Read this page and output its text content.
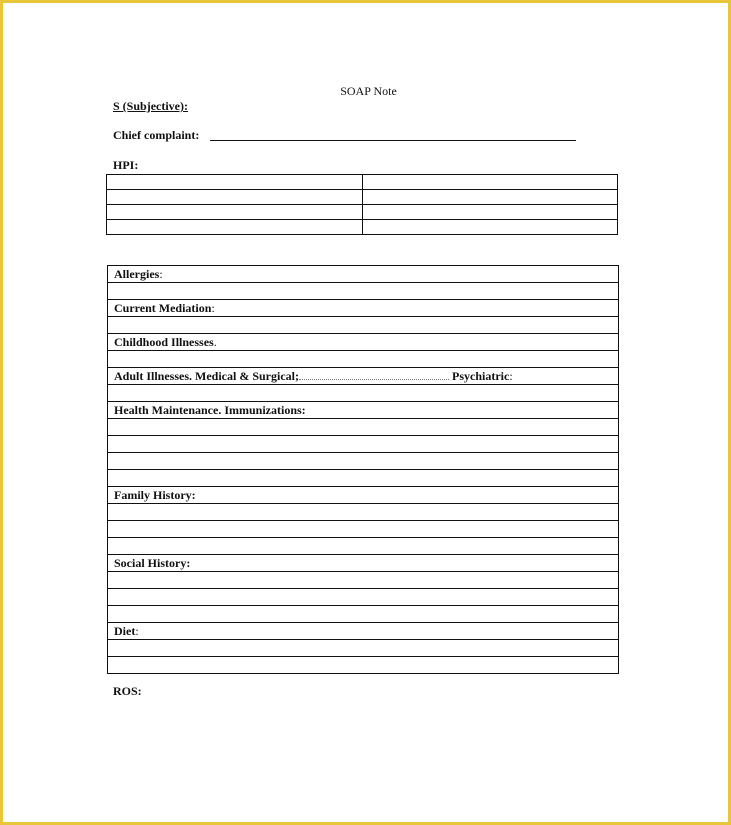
SOAP Note
S (Subjective):
Chief complaint:
HPI:

Allergies:

Current Mediation:

Childhood Illnesses.

Adult Illnesses. Medical & Surgical;	Psychiatric:

Health Maintenance. Immunizations:

Family History:

Social History:

Diet:

ROS:
